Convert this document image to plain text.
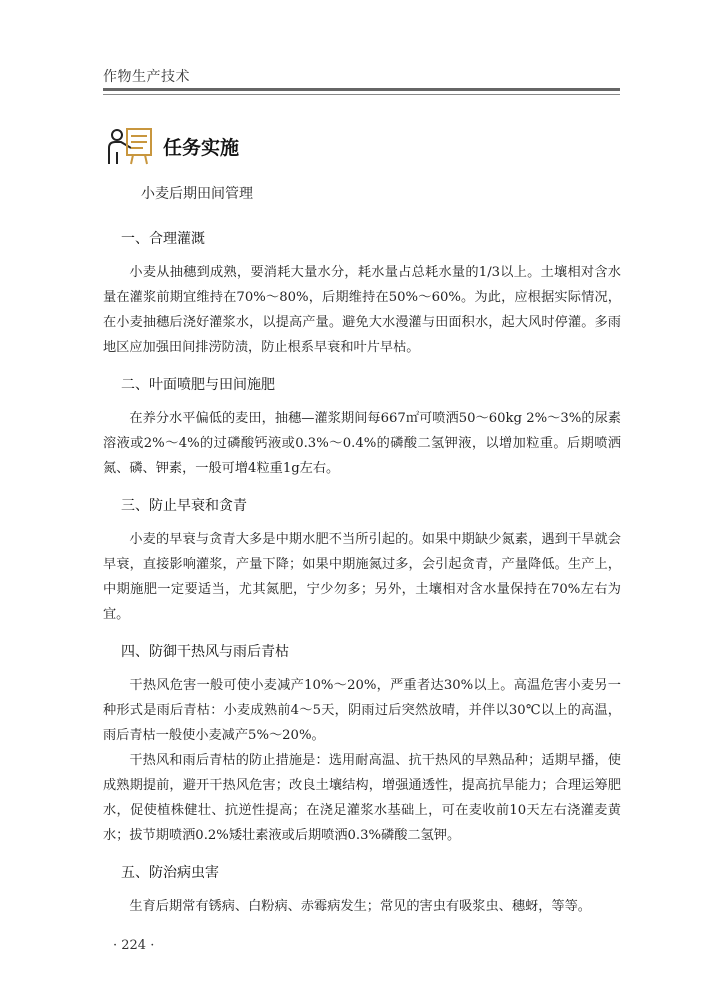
作物生产技术
任务实施
小麦后期田间管理
一、合理灌溉

小麦从抽穗到成熟，要消耗大量水分，耗水量占总耗水量的1/3以上。土壤相对含水量在灌浆前期宜维持在70%～80%，后期维持在50%～60%。为此，应根据实际情况，在小麦抽穗后浇好灌浆水，以提高产量。避免大水漫灌与田面积水，起大风时停灌。多雨地区应加强田间排涝防渍，防止根系早衰和叶片早枯。

二、叶面喷肥与田间施肥

在养分水平偏低的麦田，抽穗—灌浆期间每667㎡可喷洒50～60kg 2%～3%的尿素溶液或2%～4%的过磷酸钙液或0.3%～0.4%的磷酸二氢钾液，以增加粒重。后期喷洒氮、磷、钾素，一般可增4粒重1g左右。

三、防止早衰和贪青

小麦的早衰与贪青大多是中期水肥不当所引起的。如果中期缺少氮素，遇到干旱就会早衰，直接影响灌浆，产量下降；如果中期施氮过多，会引起贪青，产量降低。生产上，中期施肥一定要适当，尤其氮肥，宁少勿多；另外，土壤相对含水量保持在70%左右为宜。

四、防御干热风与雨后青枯

干热风危害一般可使小麦减产10%～20%，严重者达30%以上。高温危害小麦另一种形式是雨后青枯：小麦成熟前4～5天，阴雨过后突然放晴，并伴以30℃以上的高温，雨后青枯一般使小麦减产5%～20%。

干热风和雨后青枯的防止措施是：选用耐高温、抗干热风的早熟品种；适期早播，使成熟期提前，避开干热风危害；改良土壤结构，增强通透性，提高抗旱能力；合理运筹肥水，促使植株健壮、抗逆性提高；在浇足灌浆水基础上，可在麦收前10天左右浇灌麦黄水；拔节期喷洒0.2%矮壮素液或后期喷洒0.3%磷酸二氢钾。

五、防治病虫害

生育后期常有锈病、白粉病、赤霉病发生；常见的害虫有吸浆虫、穗蚜，等等。

· 224 ·
